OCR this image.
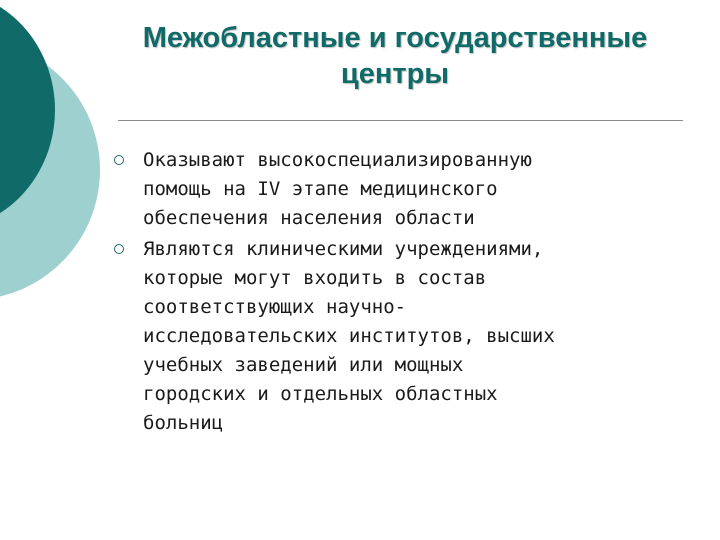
Межобластные и государственные
центры
Оказывают высокоспециализированную
помощь на IV этапе медицинского
обеспечения населения области
Являются клиническими учреждениями,
которые могут входить в состав
соответствующих научно-
исследовательских институтов, высших
учебных заведений или мощных
городских и отдельных областных
больниц
